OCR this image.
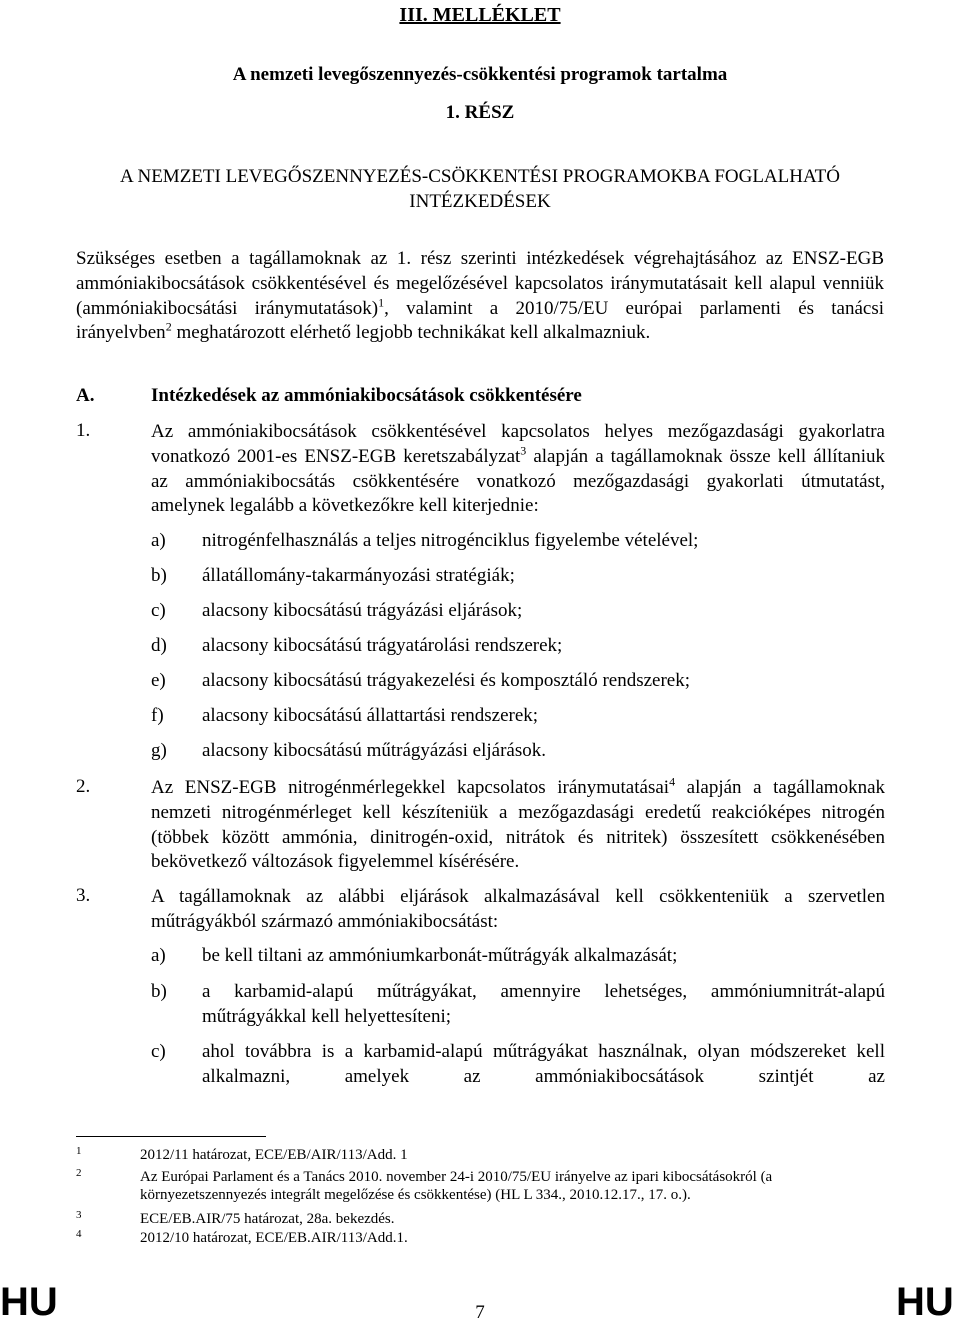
III. MELLÉKLET
A nemzeti levegőszennyezés-csökkentési programok tartalma
1. RÉSZ
A NEMZETI LEVEGŐSZENNYEZÉS-CSÖKKENTÉSI PROGRAMOKBA FOGLALHATÓ
INTÉZKEDÉSEK
Szükséges esetben a tagállamoknak az 1. rész szerinti intézkedések végrehajtásához az ENSZ-EGB ammóniakibocsátások csökkentésével és megelőzésével kapcsolatos iránymutatásait kell alapul venniük (ammóniakibocsátási iránymutatások)$^1$, valamint a 2010/75/EU európai parlamenti és tanácsi irányelvben$^2$ meghatározott elérhető legjobb technikákat kell alkalmazniuk.
A.	Intézkedések az ammóniakibocsátások csökkentésére
1.	Az ammóniakibocsátások csökkentésével kapcsolatos helyes mezőgazdasági gyakorlatra vonatkozó 2001-es ENSZ-EGB keretszabályzat$^3$ alapján a tagállamoknak össze kell állítaniuk az ammóniakibocsátás csökkentésére vonatkozó mezőgazdasági gyakorlati útmutatást, amelynek legalább a következőkre kell kiterjednie:
a) nitrogénfelhasználás a teljes nitrogénciklus figyelembe vételével;
b) állatállomány-takarmányozási stratégiák;
c) alacsony kibocsátású trágyázási eljárások;
d) alacsony kibocsátású trágyatárolási rendszerek;
e) alacsony kibocsátású trágyakezelési és komposztáló rendszerek;
f) alacsony kibocsátású állattartási rendszerek;
g) alacsony kibocsátású műtrágyázási eljárások.
2.	Az ENSZ-EGB nitrogénmérlegekkel kapcsolatos iránymutatásai$^4$ alapján a tagállamoknak nemzeti nitrogénmérleget kell készíteniük a mezőgazdasági eredetű reakcióképes nitrogén (többek között ammónia, dinitrogén-oxid, nitrátok és nitritek) összesített csökkenésében bekövetkező változások figyelemmel kísérésére.
3.	A tagállamoknak az alábbi eljárások alkalmazásával kell csökkenteniük a szervetlen műtrágyákból származó ammóniakibocsátást:
a) be kell tiltani az ammóniumkarbonát-műtrágyák alkalmazását;
b) a karbamid-alapú műtrágyákat, amennyire lehetséges, ammóniumnitrát-alapú műtrágyákkal kell helyettesíteni;
c) ahol továbbra is a karbamid-alapú műtrágyákat használnak, olyan módszereket kell alkalmazni, amelyek az ammóniakibocsátások szintjét az
1	2012/11 határozat, ECE/EB/AIR/113/Add. 1
2	Az Európai Parlament és a Tanács 2010. november 24-i 2010/75/EU irányelve az ipari kibocsátásokról (a környezetszennyezés integrált megelőzése és csökkentése) (HL L 334., 2010.12.17., 17. o.).
3	ECE/EB.AIR/75 határozat, 28a. bekezdés.
4	2012/10 határozat, ECE/EB.AIR/113/Add.1.
HU	7	HU
